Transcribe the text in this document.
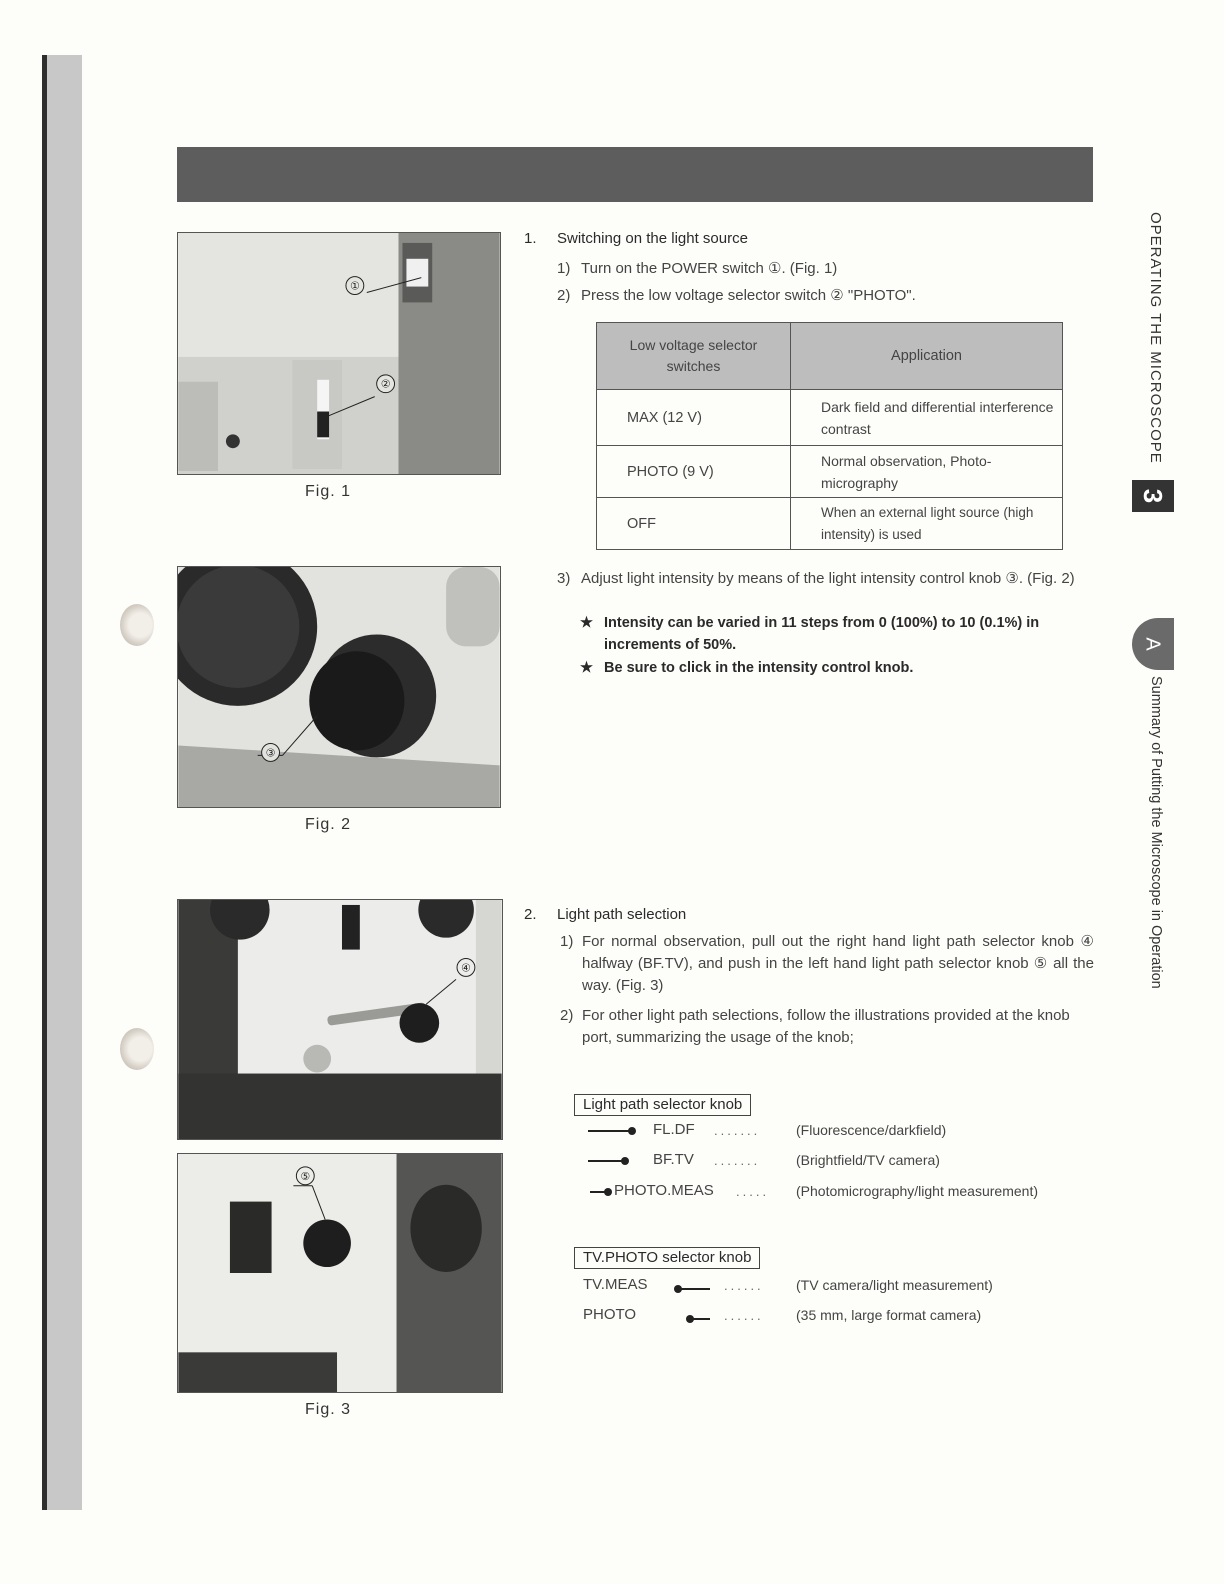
①
②
Fig. 1
③
Fig. 2
④
⑤
Fig. 3
1. Switching on the light source
1) Turn on the POWER switch ①. (Fig. 1)
2) Press the low voltage selector switch ② "PHOTO".
Low voltage selector switches	Application
MAX (12 V)	Dark field and differential interference contrast
PHOTO (9 V)	Normal observation, Photo-micrography
OFF	When an external light source (high intensity) is used
3) Adjust light intensity by means of the light intensity control knob ③. (Fig. 2)
★ Intensity can be varied in 11 steps from 0 (100%) to 10 (0.1%) in increments of 50%.
★ Be sure to click in the intensity control knob.
2. Light path selection
1) For normal observation, pull out the right hand light path selector knob ④ halfway (BF.TV), and push in the left hand light path selector knob ⑤ all the way. (Fig. 3)
2) For other light path selections, follow the illustrations provided at the knob port, summarizing the usage of the knob;
Light path selector knob
FL.DF .......	(Fluorescence/darkfield)
BF.TV .......	(Brightfield/TV camera)
PHOTO.MEAS ..... (Photomicrography/light measurement)
TV.PHOTO selector knob
TV.MEAS	...... (TV camera/light measurement)
PHOTO	...... (35 mm, large format camera)
OPERATING THE MICROSCOPE
3
A
Summary of Putting the Microscope in Operation
